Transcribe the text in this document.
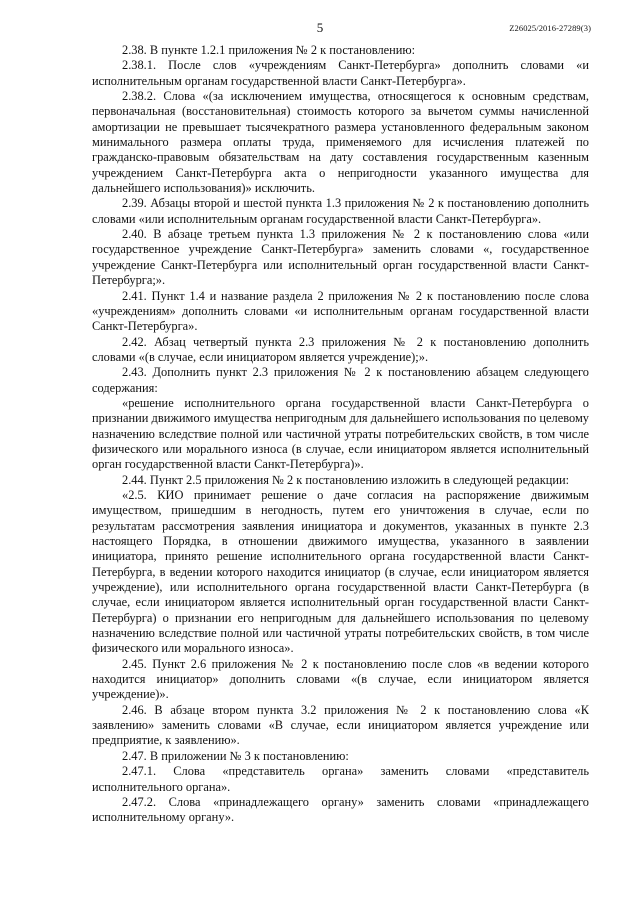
5	Z26025/2016-27289(3)

2.38. В пункте 1.2.1 приложения № 2 к постановлению:

2.38.1. После слов «учреждениям Санкт-Петербурга» дополнить словами «и исполнительным органам государственной власти Санкт-Петербурга».

2.38.2. Слова «(за исключением имущества, относящегося к основным средствам, первоначальная (восстановительная) стоимость которого за вычетом суммы начисленной амортизации не превышает тысячекратного размера установленного федеральным законом минимального размера оплаты труда, применяемого для исчисления платежей по гражданско-правовым обязательствам на дату составления государственным казенным учреждением Санкт-Петербурга акта о непригодности указанного имущества для дальнейшего использования)» исключить.

2.39. Абзацы второй и шестой пункта 1.3 приложения № 2 к постановлению дополнить словами «или исполнительным органам государственной власти Санкт-Петербурга».

2.40. В абзаце третьем пункта 1.3 приложения № 2 к постановлению слова «или государственное учреждение Санкт-Петербурга» заменить словами «, государственное учреждение Санкт-Петербурга или исполнительный орган государственной власти Санкт-Петербурга;».

2.41. Пункт 1.4 и название раздела 2 приложения № 2 к постановлению после слова «учреждениям» дополнить словами «и исполнительным органам государственной власти Санкт-Петербурга».

2.42. Абзац четвертый пункта 2.3 приложения № 2 к постановлению дополнить словами «(в случае, если инициатором является учреждение);».

2.43. Дополнить пункт 2.3 приложения № 2 к постановлению абзацем следующего содержания:

«решение исполнительного органа государственной власти Санкт-Петербурга о признании движимого имущества непригодным для дальнейшего использования по целевому назначению вследствие полной или частичной утраты потребительских свойств, в том числе физического или морального износа (в случае, если инициатором является исполнительный орган государственной власти Санкт-Петербурга)».

2.44. Пункт 2.5 приложения № 2 к постановлению изложить в следующей редакции:

«2.5. КИО принимает решение о даче согласия на распоряжение движимым имуществом, пришедшим в негодность, путем его уничтожения в случае, если по результатам рассмотрения заявления инициатора и документов, указанных в пункте 2.3 настоящего Порядка, в отношении движимого имущества, указанного в заявлении инициатора, принято решение исполнительного органа государственной власти Санкт-Петербурга, в ведении которого находится инициатор (в случае, если инициатором является учреждение), или исполнительного органа государственной власти Санкт-Петербурга (в случае, если инициатором является исполнительный орган государственной власти Санкт-Петербурга) о признании его непригодным для дальнейшего использования по целевому назначению вследствие полной или частичной утраты потребительских свойств, в том числе физического или морального износа».

2.45. Пункт 2.6 приложения № 2 к постановлению после слов «в ведении которого находится инициатор» дополнить словами «(в случае, если инициатором является учреждение)».

2.46. В абзаце втором пункта 3.2 приложения № 2 к постановлению слова «К заявлению» заменить словами «В случае, если инициатором является учреждение или предприятие, к заявлению».

2.47. В приложении № 3 к постановлению:

2.47.1. Слова «представитель органа» заменить словами «представитель исполнительного органа».

2.47.2. Слова «принадлежащего органу» заменить словами «принадлежащего исполнительному органу».
